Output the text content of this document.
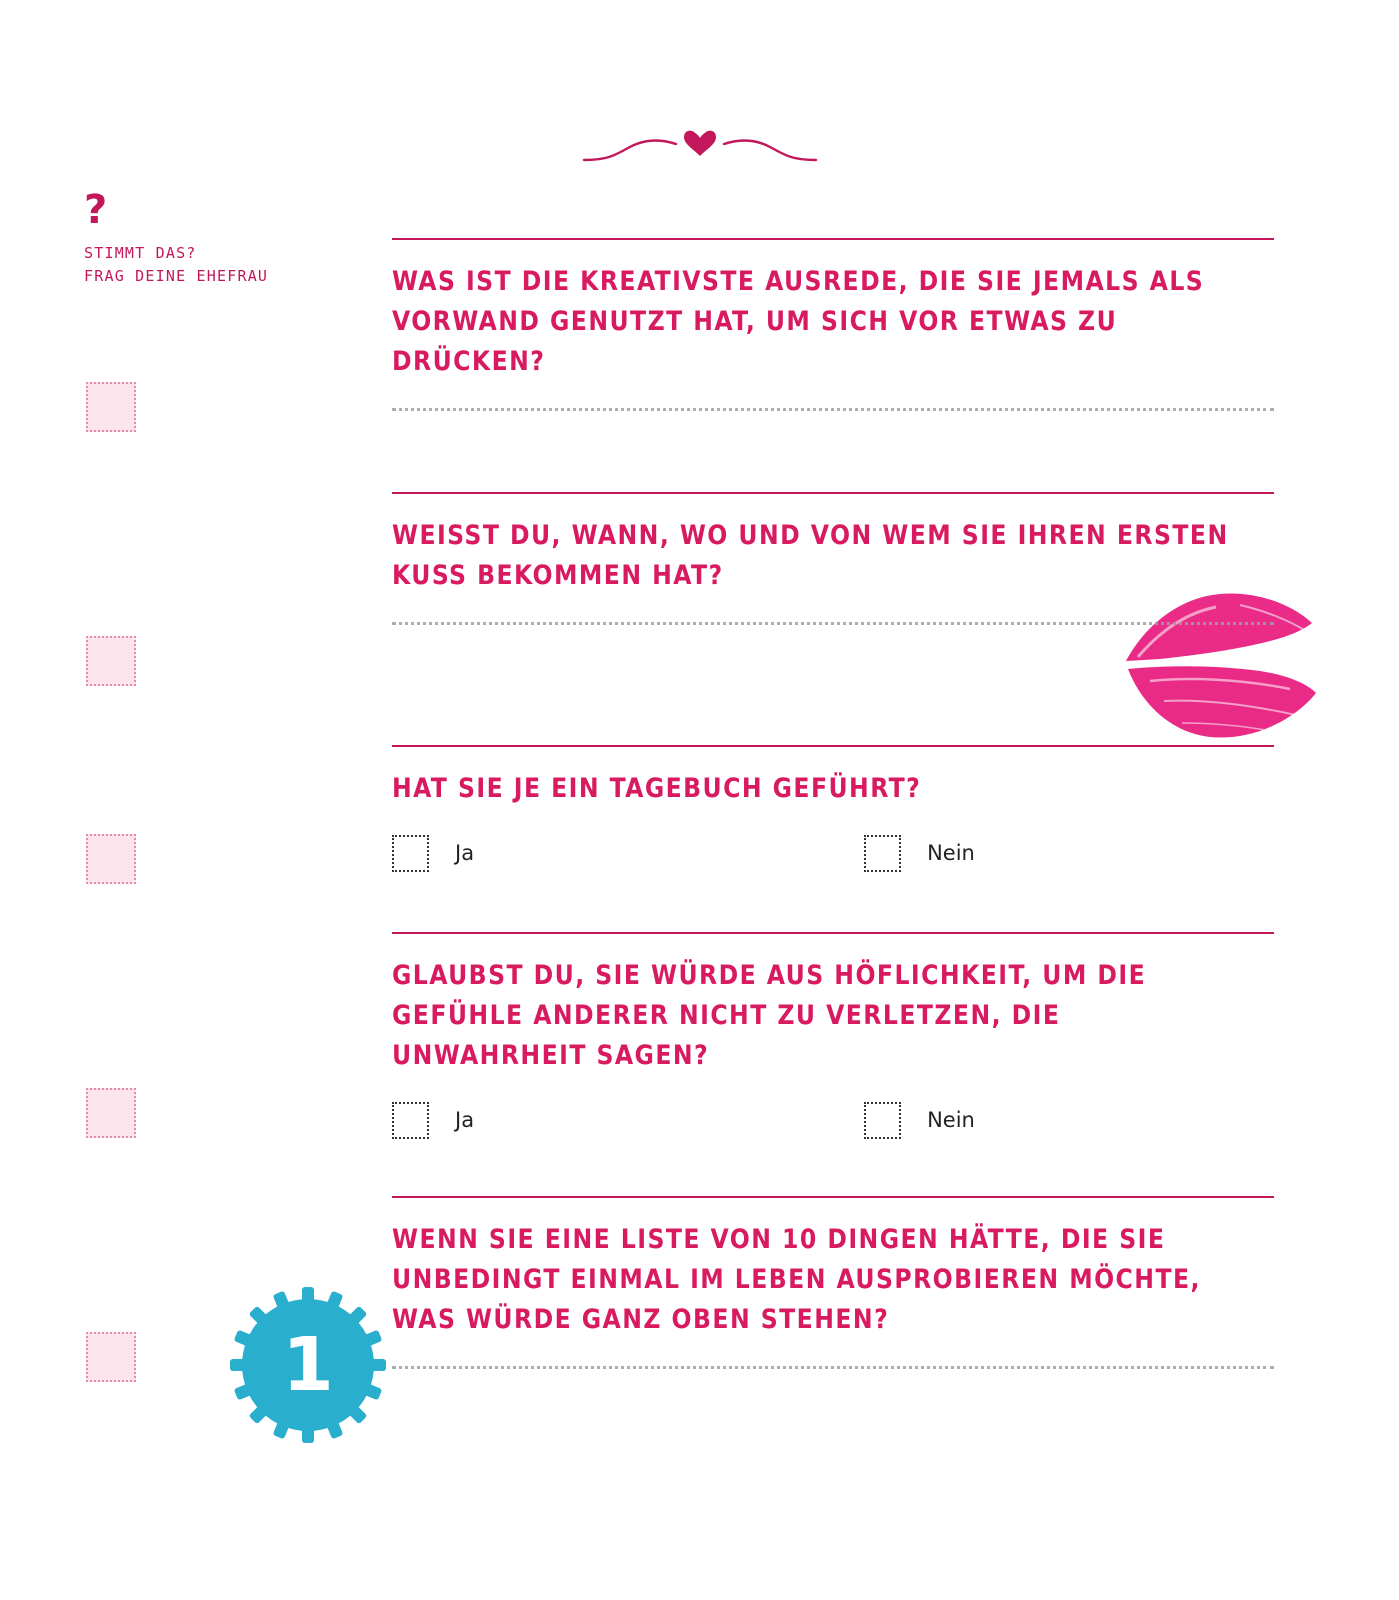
?
STIMMT DAS?
FRAG DEINE EHEFRAU
1
WAS IST DIE KREATIVSTE AUSREDE, DIE SIE JEMALS ALS VORWAND GENUTZT HAT, UM SICH VOR ETWAS ZU DRÜCKEN?
WEISST DU, WANN, WO UND VON WEM SIE IHREN ERSTEN KUSS BEKOMMEN HAT?
HAT SIE JE EIN TAGEBUCH GEFÜHRT?
Ja	Nein
GLAUBST DU, SIE WÜRDE AUS HÖFLICHKEIT, UM DIE GEFÜHLE ANDERER NICHT ZU VERLETZEN, DIE UNWAHRHEIT SAGEN?
Ja	Nein
WENN SIE EINE LISTE VON 10 DINGEN HÄTTE, DIE SIE UNBEDINGT EINMAL IM LEBEN AUSPROBIEREN MÖCHTE, WAS WÜRDE GANZ OBEN STEHEN?
